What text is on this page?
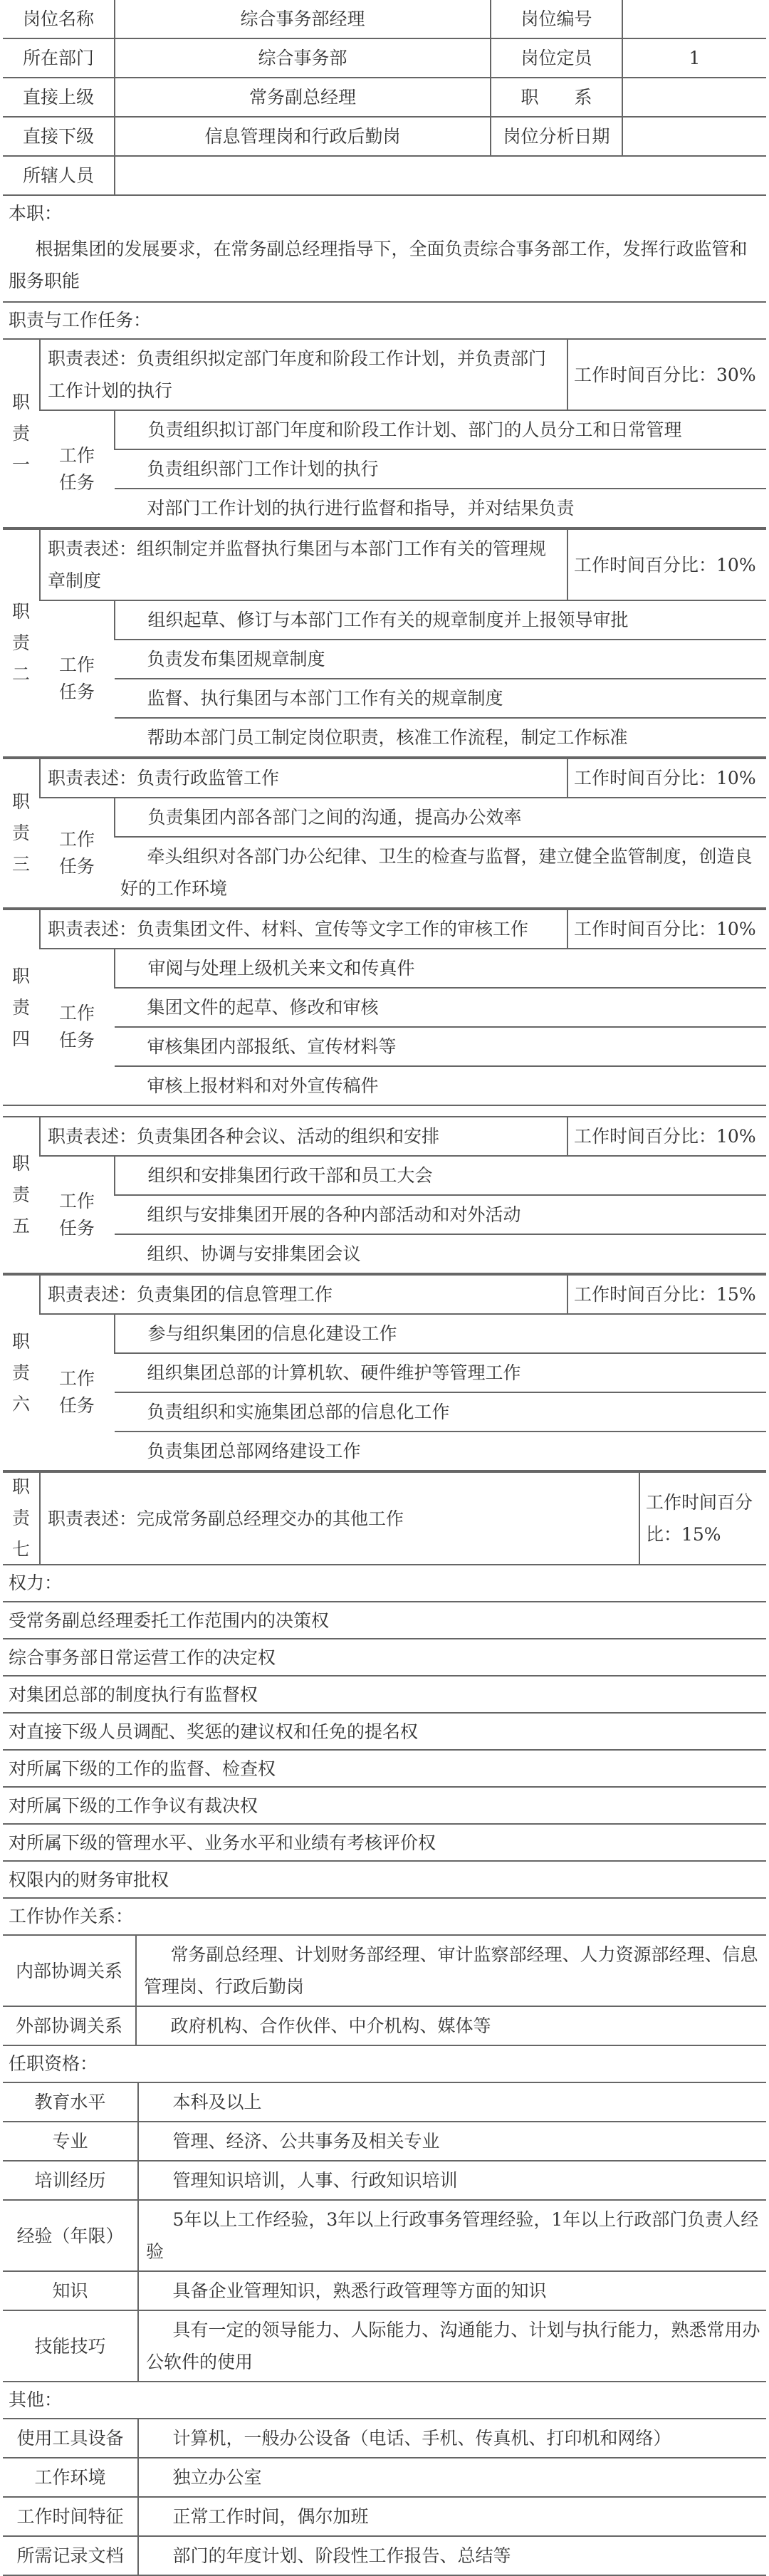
岗位名称	综合事务部经理	岗位编号	
所在部门	综合事务部	岗位定员	1
直接上级	常务副总经理	职　　系	
直接下级	信息管理岗和行政后勤岗	岗位分析日期	
所辖人员			
本职：
根据集团的发展要求，在常务副总经理指导下，全面负责综合事务部工作，发挥行政监管和服务职能
职责与工作任务：
职
责
一	职责表述：负责组织拟定部门年度和阶段工作计划，并负责部门工作计划的执行		工作时间百分比：30%

	工作任务	负责组织拟订部门年度和阶段工作计划、部门的人员分工和日常管理	
		负责组织部门工作计划的执行	
		对部门工作计划的执行进行监督和指导，并对结果负责	
职
责
二	职责表述：组织制定并监督执行集团与本部门工作有关的管理规章制度		工作时间百分比：10%

	工作任务	组织起草、修订与本部门工作有关的规章制度并上报领导审批	
		负责发布集团规章制度	
		监督、执行集团与本部门工作有关的规章制度	
		帮助本部门员工制定岗位职责，核准工作流程，制定工作标准	
职
责
三	职责表述：负责行政监管工作		工作时间百分比：10%

	工作任务	负责集团内部各部门之间的沟通，提高办公效率	
		牵头组织对各部门办公纪律、卫生的检查与监督，建立健全监管制度，创造良好的工作环境	
职
责
四	职责表述：负责集团文件、材料、宣传等文字工作的审核工作		工作时间百分比：10%

	工作任务	审阅与处理上级机关来文和传真件	
		集团文件的起草、修改和审核	
		审核集团内部报纸、宣传材料等	
		审核上报材料和对外宣传稿件	
职
责
五	职责表述：负责集团各种会议、活动的组织和安排		工作时间百分比：10%

	工作任务	组织和安排集团行政干部和员工大会	
		组织与安排集团开展的各种内部活动和对外活动	
		组织、协调与安排集团会议	
职
责
六	职责表述：负责集团的信息管理工作		工作时间百分比：15%

	工作任务	参与组织集团的信息化建设工作	
		组织集团总部的计算机软、硬件维护等管理工作	
		负责组织和实施集团总部的信息化工作	
		负责集团总部网络建设工作	
职
责
七
	职责表述：完成常务副总经理交办的其他工作	工作时间百分比：15%
权力：
受常务副总经理委托工作范围内的决策权
综合事务部日常运营工作的决定权
对集团总部的制度执行有监督权
对直接下级人员调配、奖惩的建议权和任免的提名权
对所属下级的工作的监督、检查权
对所属下级的工作争议有裁决权
对所属下级的管理水平、业务水平和业绩有考核评价权
权限内的财务审批权
工作协作关系：
内部协调关系	常务副总经理、计划财务部经理、审计监察部经理、人力资源部经理、信息管理岗、行政后勤岗
外部协调关系	政府机构、合作伙伴、中介机构、媒体等
任职资格：
教育水平	本科及以上
专业	管理、经济、公共事务及相关专业
培训经历	管理知识培训，人事、行政知识培训
经验（年限）	5年以上工作经验，3年以上行政事务管理经验，1年以上行政部门负责人经验
知识	具备企业管理知识，熟悉行政管理等方面的知识
技能技巧	具有一定的领导能力、人际能力、沟通能力、计划与执行能力，熟悉常用办公软件的使用
其他：
使用工具设备	计算机，一般办公设备（电话、手机、传真机、打印机和网络）
工作环境	独立办公室
工作时间特征	正常工作时间，偶尔加班
所需记录文档	部门的年度计划、阶段性工作报告、总结等
